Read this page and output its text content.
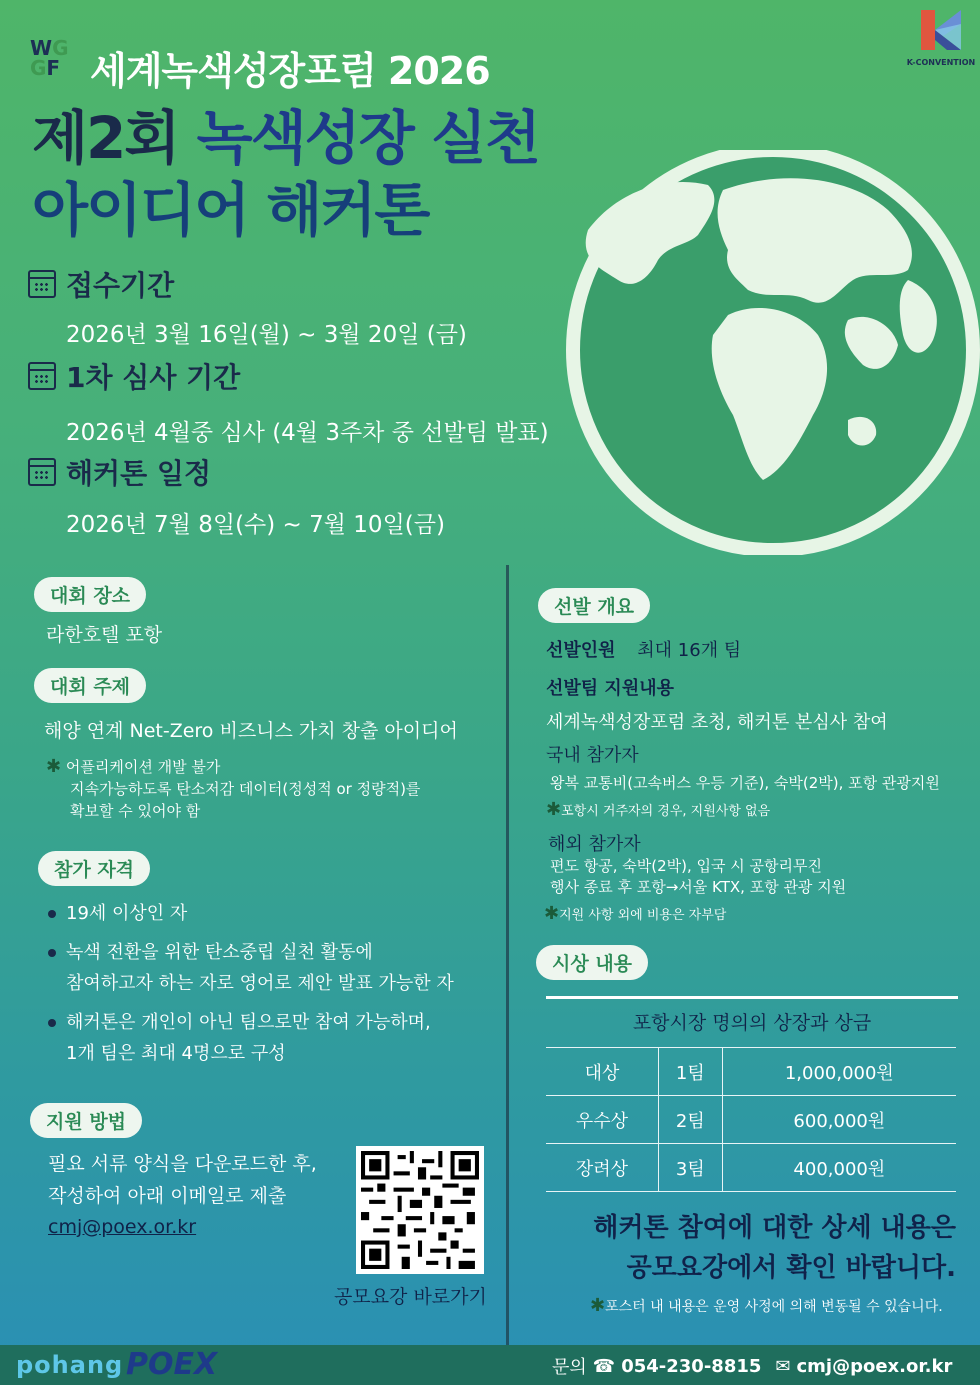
WG
GF 세계녹색성장포럼 2026	K-CONVENTION
제2회 녹색성장 실천
아이디어 해커톤
접수기간
2026년 3월 16일(월) ~ 3월 20일 (금)
1차 심사 기간
2026년 4월중 심사 (4월 3주차 중 선발팀 발표)
해커톤 일정
2026년 7월 8일(수) ~ 7월 10일(금)
대회 장소
라한호텔 포항
대회 주제
해양 연계 Net-Zero 비즈니스 가치 창출 아이디어
✱ 어플리케이션 개발 불가
지속가능하도록 탄소저감 데이터(정성적 or 정량적)를
확보할 수 있어야 함
참가 자격
19세 이상인 자
녹색 전환을 위한 탄소중립 실천 활동에
참여하고자 하는 자로 영어로 제안 발표 가능한 자
해커톤은 개인이 아닌 팀으로만 참여 가능하며,
1개 팀은 최대 4명으로 구성
지원 방법
필요 서류 양식을 다운로드한 후,
작성하여 아래 이메일로 제출
cmj@poex.or.kr
공모요강 바로가기
선발 개요
선발인원 최대 16개 팀
선발팀 지원내용
세계녹색성장포럼 초청, 해커톤 본심사 참여
국내 참가자
왕복 교통비(고속버스 우등 기준), 숙박(2박), 포항 관광지원
✱포항시 거주자의 경우, 지원사항 없음
해외 참가자
편도 항공, 숙박(2박), 입국 시 공항리무진
행사 종료 후 포항→서울 KTX, 포항 관광 지원
✱지원 사항 외에 비용은 자부담
시상 내용
포항시장 명의의 상장과 상금
대상	1팀	1,000,000원
우수상	2팀	600,000원
장려상	3팀	400,000원
해커톤 참여에 대한 상세 내용은
공모요강에서 확인 바랍니다.
✱포스터 내 내용은 운영 사정에 의해 변동될 수 있습니다.
pohang POEX	문의 ☎ 054-230-8815 ✉ cmj@poex.or.kr
